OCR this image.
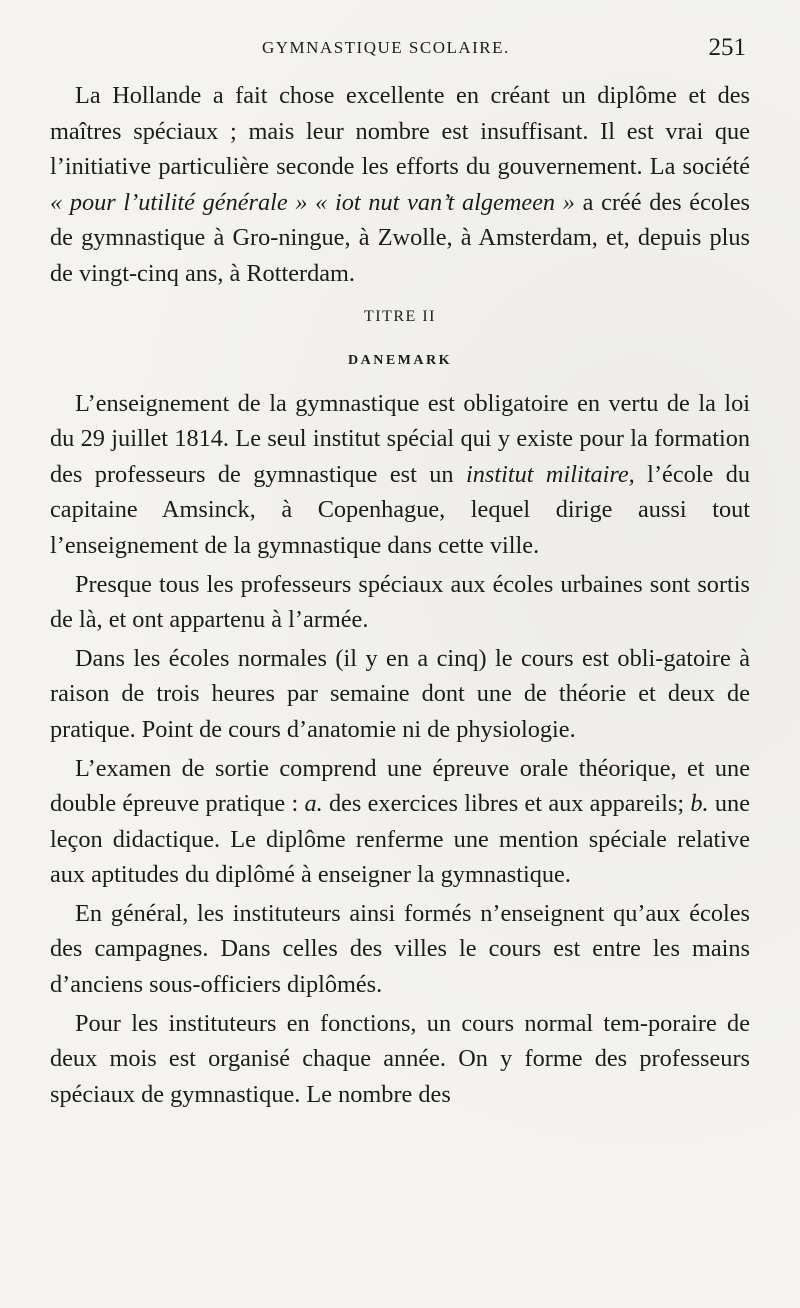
GYMNASTIQUE SCOLAIRE.	251

La Hollande a fait chose excellente en créant un diplôme et des maîtres spéciaux ; mais leur nombre est insuffisant. Il est vrai que l’initiative particulière seconde les efforts du gouvernement. La société « pour l’utilité générale » « iot nut van’t algemeen » a créé des écoles de gymnastique à Gro-ningue, à Zwolle, à Amsterdam, et, depuis plus de vingt-cinq ans, à Rotterdam.

TITRE II
DANEMARK

L’enseignement de la gymnastique est obligatoire en vertu de la loi du 29 juillet 1814. Le seul institut spécial qui y existe pour la formation des professeurs de gymnastique est un institut militaire, l’école du capitaine Amsinck, à Copenhague, lequel dirige aussi tout l’enseignement de la gymnastique dans cette ville.

Presque tous les professeurs spéciaux aux écoles urbaines sont sortis de là, et ont appartenu à l’armée.

Dans les écoles normales (il y en a cinq) le cours est obli-gatoire à raison de trois heures par semaine dont une de théorie et deux de pratique. Point de cours d’anatomie ni de physiologie.

L’examen de sortie comprend une épreuve orale théorique, et une double épreuve pratique : a. des exercices libres et aux appareils; b. une leçon didactique. Le diplôme renferme une mention spéciale relative aux aptitudes du diplômé à enseigner la gymnastique.

En général, les instituteurs ainsi formés n’enseignent qu’aux écoles des campagnes. Dans celles des villes le cours est entre les mains d’anciens sous-officiers diplômés.

Pour les instituteurs en fonctions, un cours normal tem-poraire de deux mois est organisé chaque année. On y forme des professeurs spéciaux de gymnastique. Le nombre des
